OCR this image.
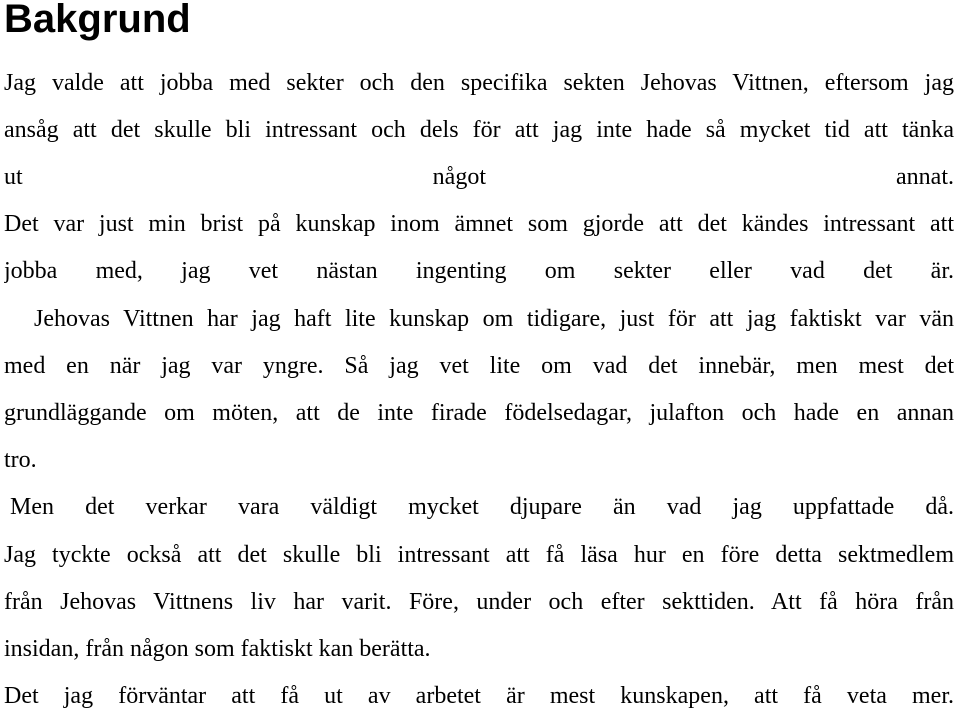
Bakgrund

Jag valde att jobba med sekter och den specifika sekten Jehovas Vittnen, eftersom jag

ansåg att det skulle bli intressant och dels för att jag inte hade så mycket tid att tänka

ut något annat.

Det var just min brist på kunskap inom ämnet som gjorde att det kändes intressant att

jobba med, jag vet nästan ingenting om sekter eller vad det är.

Jehovas Vittnen har jag haft lite kunskap om tidigare, just för att jag faktiskt var vän

med en när jag var yngre. Så jag vet lite om vad det innebär, men mest det

grundläggande om möten, att de inte firade födelsedagar, julafton och hade en annan

tro.

Men det verkar vara väldigt mycket djupare än vad jag uppfattade då.

Jag tyckte också att det skulle bli intressant att få läsa hur en före detta sektmedlem

från Jehovas Vittnens liv har varit. Före, under och efter sekttiden. Att få höra från

insidan, från någon som faktiskt kan berätta.

Det jag förväntar att få ut av arbetet är mest kunskapen, att få veta mer.
